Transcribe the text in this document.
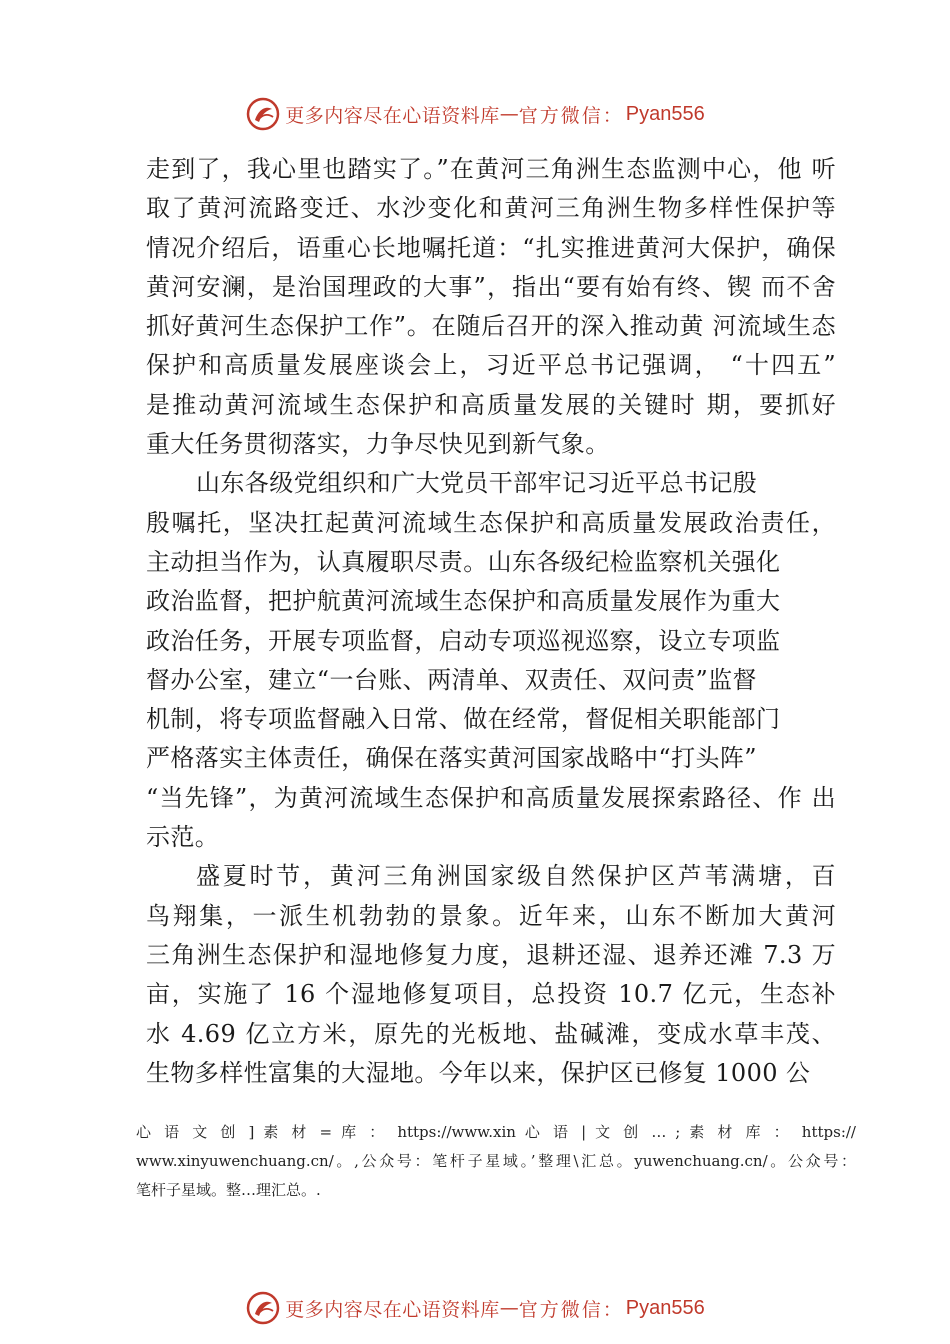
更多内容尽在心语资料库 — 官方微信： Pyan556
走到了，我心里也踏实了。”在黄河三角洲生态监测中心，他 听
取了黄河流路变迁、水沙变化和黄河三角洲生物多样性保护等
情况介绍后，语重心长地嘱托道：“扎实推进黄河大保护，确保
黄河安澜，是治国理政的大事”，指出“要有始有终、锲 而不舍
抓好黄河生态保护工作”。在随后召开的深入推动黄 河流域生态
保护和高质量发展座谈会上，习近平总书记强调， “十四五”
是推动黄河流域生态保护和高质量发展的关键时 期，要抓好
重大任务贯彻落实，力争尽快见到新气象。
山东各级党组织和广大党员干部牢记习近平总书记殷
殷嘱托，坚决扛起黄河流域生态保护和高质量发展政治责任，
主动担当作为，认真履职尽责。山东各级纪检监察机关强化
政治监督，把护航黄河流域生态保护和高质量发展作为重大
政治任务，开展专项监督，启动专项巡视巡察，设立专项监
督办公室，建立“一台账、两清单、双责任、双问责”监督
机制，将专项监督融入日常、做在经常，督促相关职能部门
严格落实主体责任，确保在落实黄河国家战略中“打头阵”
“当先锋”，为黄河流域生态保护和高质量发展探索路径、作 出
示范。
盛夏时节，黄河三角洲国家级自然保护区芦苇满塘，百
鸟翔集，一派生机勃勃的景象。近年来，山东不断加大黄河
三角洲生态保护和湿地修复力度，退耕还湿、退养还滩 7.3 万
亩，实施了 16 个湿地修复项目，总投资 10.7 亿元，生态补
水 4.69 亿立方米，原先的光板地、盐碱滩，变成水草丰茂、
生物多样性富集的大湿地。今年以来，保护区已修复 1000 公
心 语 文 创 ] 素 材 = 库 ： https://www.xin 心 语 | 文 创 … ; 素 材 库 ： https://
www.xinyuwenchuang.cn/。,公众号：笔杆子星域。’整理\汇总。yuwenchuang.cn/。公众号：
笔杆子星域。整…理汇总。.
更多内容尽在心语资料库 — 官方微信： Pyan556
